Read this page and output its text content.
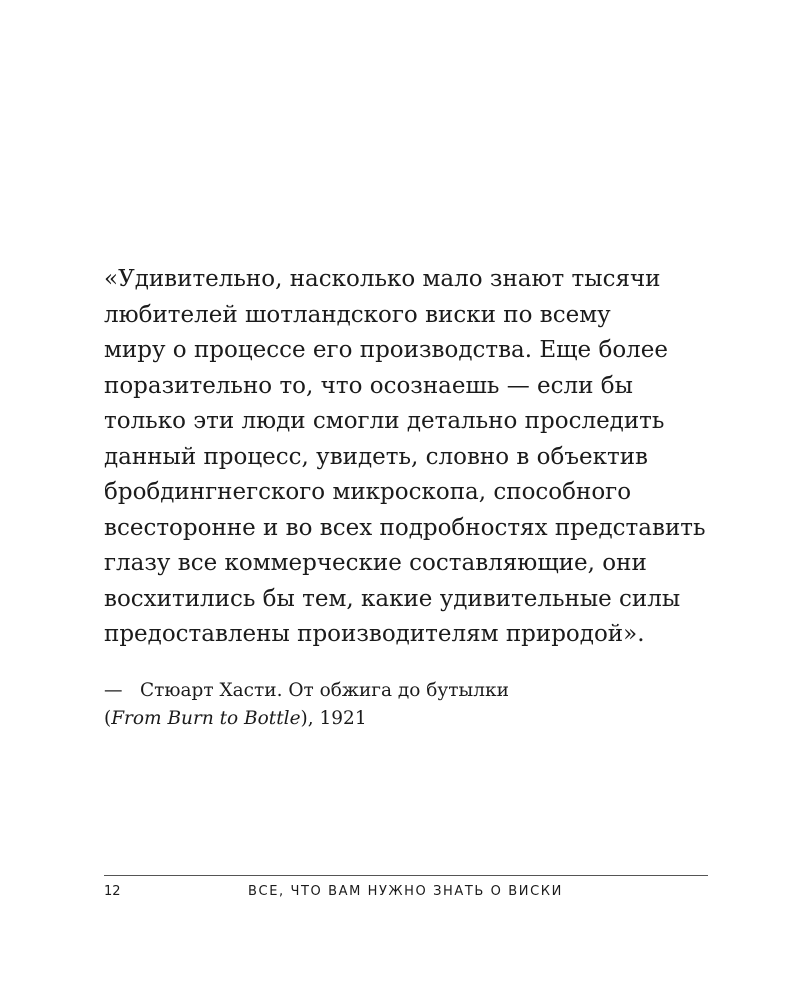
«Удивительно, насколько мало знают тысячи
любителей шотландского виски по всему
миру о процессе его производства. Еще более
поразительно то, что осознаешь — если бы
только эти люди смогли детально проследить
данный процесс, увидеть, словно в объектив
бробдингнегского микроскопа, способного
всесторонне и во всех подробностях представить
глазу все коммерческие составляющие, они
восхитились бы тем, какие удивительные силы
предоставлены производителям природой».
— Стюарт Хасти. От обжига до бутылки
(From Burn to Bottle), 1921
12	ВСЕ, ЧТО ВАМ НУЖНО ЗНАТЬ О ВИСКИ
